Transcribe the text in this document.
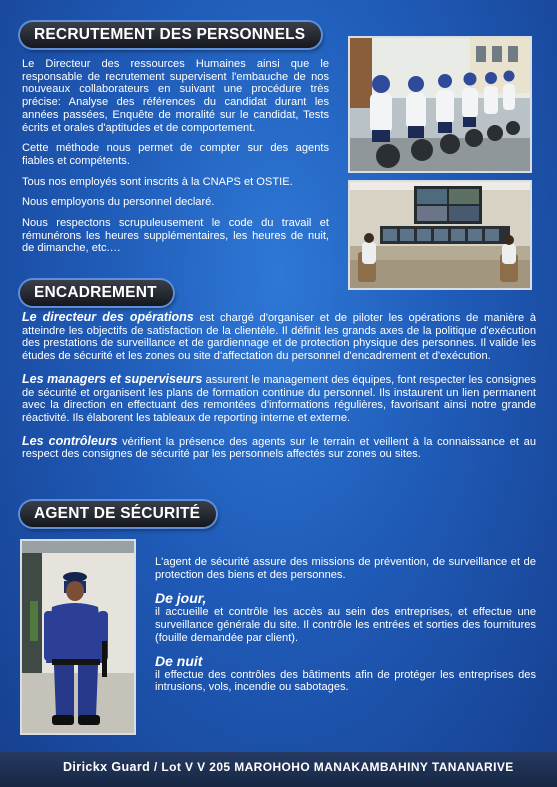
RECRUTEMENT DES PERSONNELS

Le Directeur des ressources Humaines ainsi que le responsable de recrutement supervisent l'embauche de nos nouveaux collaborateurs en suivant une procédure très précise: Analyse des références du candidat durant les années passées, Enquête de moralité sur le candidat, Tests écrits et orales d'aptitudes et de comportement.

Cette méthode nous permet de compter sur des agents fiables et compétents.

Tous nos employés sont inscrits à la CNAPS et OSTIE.

Nous employons du personnel declaré.

Nous respectons scrupuleusement le code du travail et rémunérons les heures supplémentaires, les heures de nuit, de dimanche, etc.…

ENCADREMENT

Le directeur des opérations est chargé d'organiser et de piloter les opérations de manière à atteindre les objectifs de satisfaction de la clientèle. Il définit les grands axes de la politique d'exécution des prestations de surveillance et de gardiennage et de protection physique des personnes. Il valide les études de sécurité et les zones ou site d'affectation du personnel d'encadrement et d'exécution.

Les managers et superviseurs assurent le management des équipes, font respecter les consignes de sécurité et organisent les plans de formation continue du personnel. Ils instaurent un lien permanent avec la direction en effectuant des remontées d'informations régulières, favorisant ainsi notre grande réactivité. Ils élaborent les tableaux de reporting interne et externe.

Les contrôleurs vérifient la présence des agents sur le terrain et veillent à la connaissance et au respect des consignes de sécurité par les personnels affectés sur zones ou sites.

AGENT DE SÉCURITÉ

L'agent de sécurité assure des missions de prévention, de surveillance et de protection des biens et des personnes.

De jour,

il accueille et contrôle les accès au sein des entreprises, et effectue une surveillance générale du site. Il contrôle les entrées et sorties des fournitures (fouille demandée par client).

De nuit

il effectue des contrôles des bâtiments afin de protéger les entreprises des intrusions, vols, incendie ou sabotages.

Dirickx Guard / Lot V V 205 MAROHOHO MANAKAMBAHINY TANANARIVE
